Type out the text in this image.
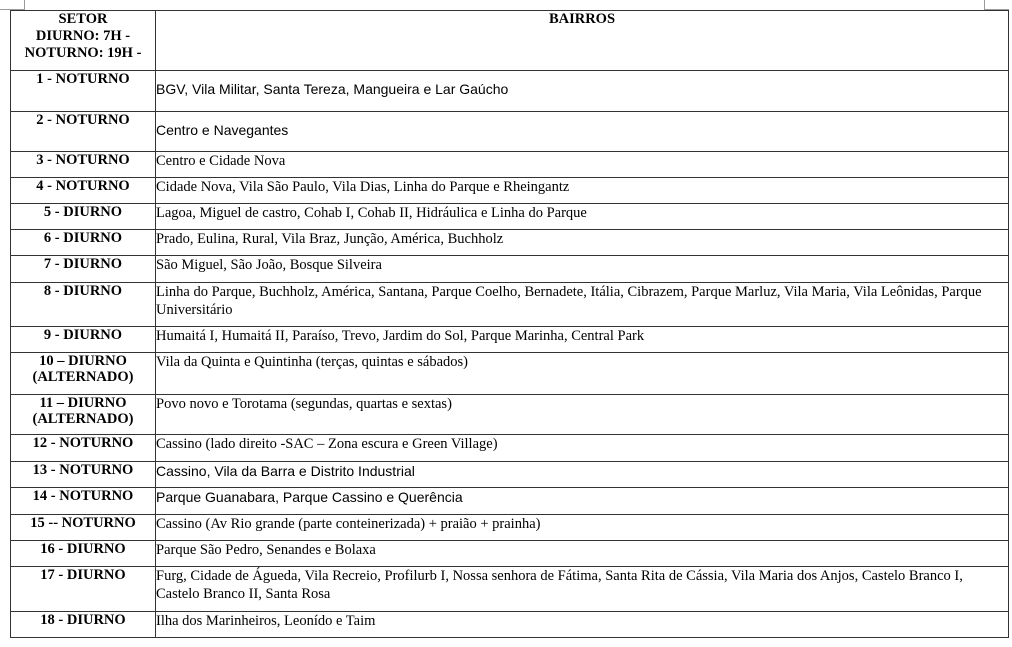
SETOR
DIURNO: 7H -
NOTURNO: 19H -	BAIRROS
1 - NOTURNO	BGV, Vila Militar, Santa Tereza, Mangueira e Lar Gaúcho
2 - NOTURNO	Centro e Navegantes
3 - NOTURNO	Centro e Cidade Nova
4 - NOTURNO	Cidade Nova, Vila São Paulo, Vila Dias, Linha do Parque e Rheingantz
5 - DIURNO	Lagoa, Miguel de castro, Cohab I, Cohab II, Hidráulica e Linha do Parque
6 - DIURNO	Prado, Eulina, Rural, Vila Braz, Junção, América, Buchholz
7 - DIURNO	São Miguel, São João, Bosque Silveira
8 - DIURNO	Linha do Parque, Buchholz, América, Santana, Parque Coelho, Bernadete, Itália, Cibrazem, Parque Marluz, Vila Maria, Vila Leônidas, Parque Universitário
9 - DIURNO	Humaitá I, Humaitá II, Paraíso, Trevo, Jardim do Sol, Parque Marinha, Central Park
10 – DIURNO (ALTERNADO)	Vila da Quinta e Quintinha (terças, quintas e sábados)
11 – DIURNO (ALTERNADO)	Povo novo e Torotama (segundas, quartas e sextas)
12 - NOTURNO	Cassino (lado direito -SAC – Zona escura e Green Village)
13 - NOTURNO	Cassino, Vila da Barra e Distrito Industrial
14 - NOTURNO	Parque Guanabara, Parque Cassino e Querência
15 -- NOTURNO	Cassino (Av Rio grande (parte conteinerizada) + praião + prainha)
16 - DIURNO	Parque São Pedro, Senandes e Bolaxa
17 - DIURNO	Furg, Cidade de Águeda, Vila Recreio, Profilurb I, Nossa senhora de Fátima, Santa Rita de Cássia, Vila Maria dos Anjos, Castelo Branco I, Castelo Branco II, Santa Rosa
18 - DIURNO	Ilha dos Marinheiros, Leonído e Taim
